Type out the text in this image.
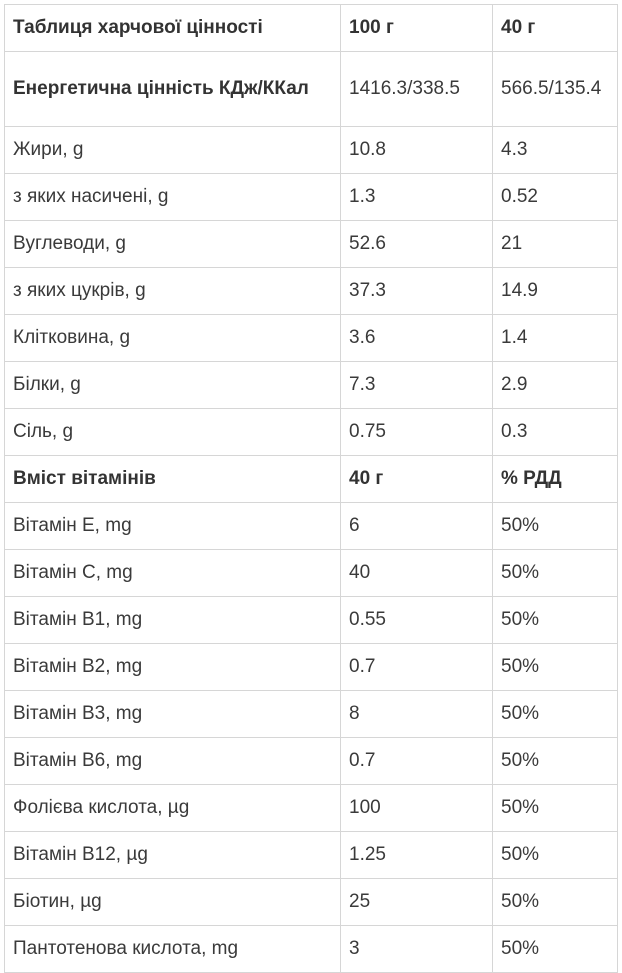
Таблиця харчової цінності	100 г	40 г
Енергетична цінність КДж/ККал	1416.3/338.5	566.5/135.4
Жири, g	10.8	4.3
з яких насичені, g	1.3	0.52
Вуглеводи, g	52.6	21
з яких цукрів, g	37.3	14.9
Клітковина, g	3.6	1.4
Білки, g	7.3	2.9
Сіль, g	0.75	0.3
Вміст вітамінів	40 г	% РДД
Вітамін E, mg	6	50%
Вітамін C, mg	40	50%
Вітамін B1, mg	0.55	50%
Вітамін B2, mg	0.7	50%
Вітамін B3, mg	8	50%
Вітамін B6, mg	0.7	50%
Фолієва кислота, µg	100	50%
Вітамін B12, µg	1.25	50%
Біотин, µg	25	50%
Пантотенова кислота, mg	3	50%
